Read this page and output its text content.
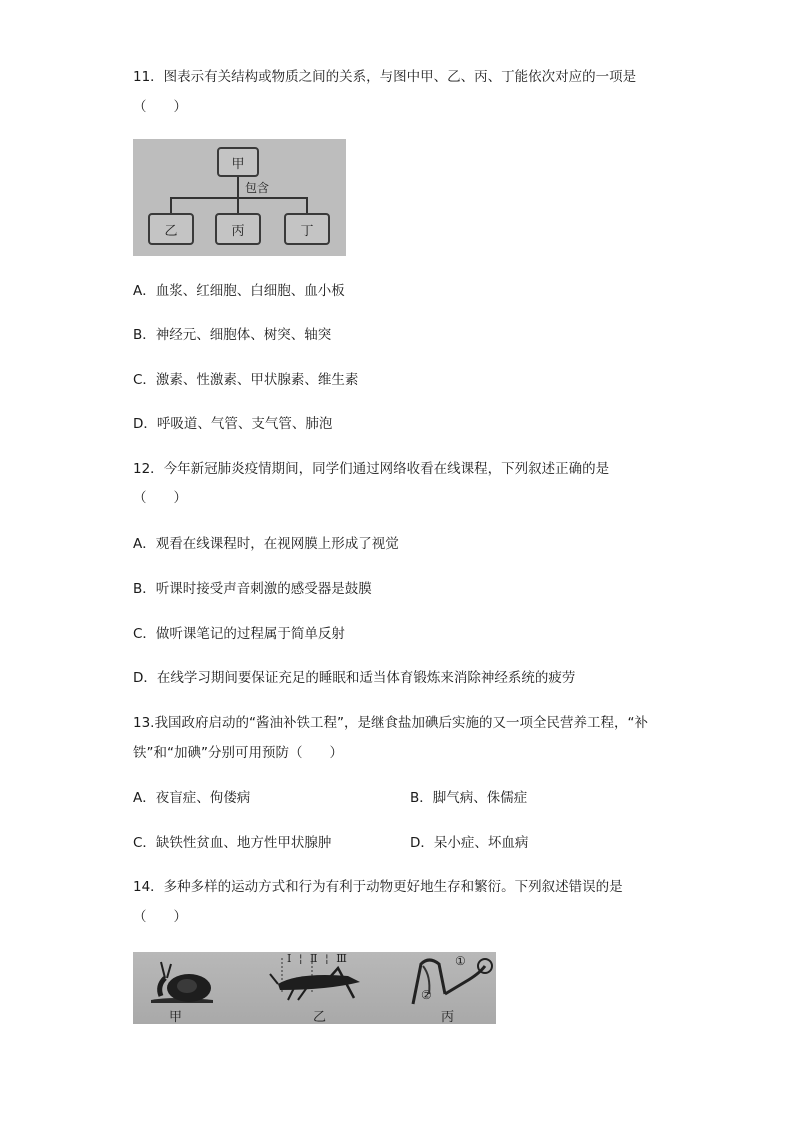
11．图表示有关结构或物质之间的关系，与图中甲、乙、丙、丁能依次对应的一项是
（　　）
甲
包含
乙	丙	丁
A．血浆、红细胞、白细胞、血小板
B．神经元、细胞体、树突、轴突
C．激素、性激素、甲状腺素、维生素
D．呼吸道、气管、支气管、肺泡
12．今年新冠肺炎疫情期间，同学们通过网络收看在线课程，下列叙述正确的是
（　　）
A．观看在线课程时，在视网膜上形成了视觉
B．听课时接受声音刺激的感受器是鼓膜
C．做听课笔记的过程属于简单反射
D．在线学习期间要保证充足的睡眠和适当体育锻炼来消除神经系统的疲劳
13.我国政府启动的“酱油补铁工程”，是继食盐加碘后实施的又一项全民营养工程，“补
铁”和“加碘”分别可用预防（　　）
A．夜盲症、佝偻病	B．脚气病、侏儒症
C．缺铁性贫血、地方性甲状腺肿	D．呆小症、坏血病
14．多种多样的运动方式和行为有利于动物更好地生存和繁衍。下列叙述错误的是
（　　）
Ⅰ ¦ Ⅱ ¦ Ⅲ	①
②
甲	乙	丙
